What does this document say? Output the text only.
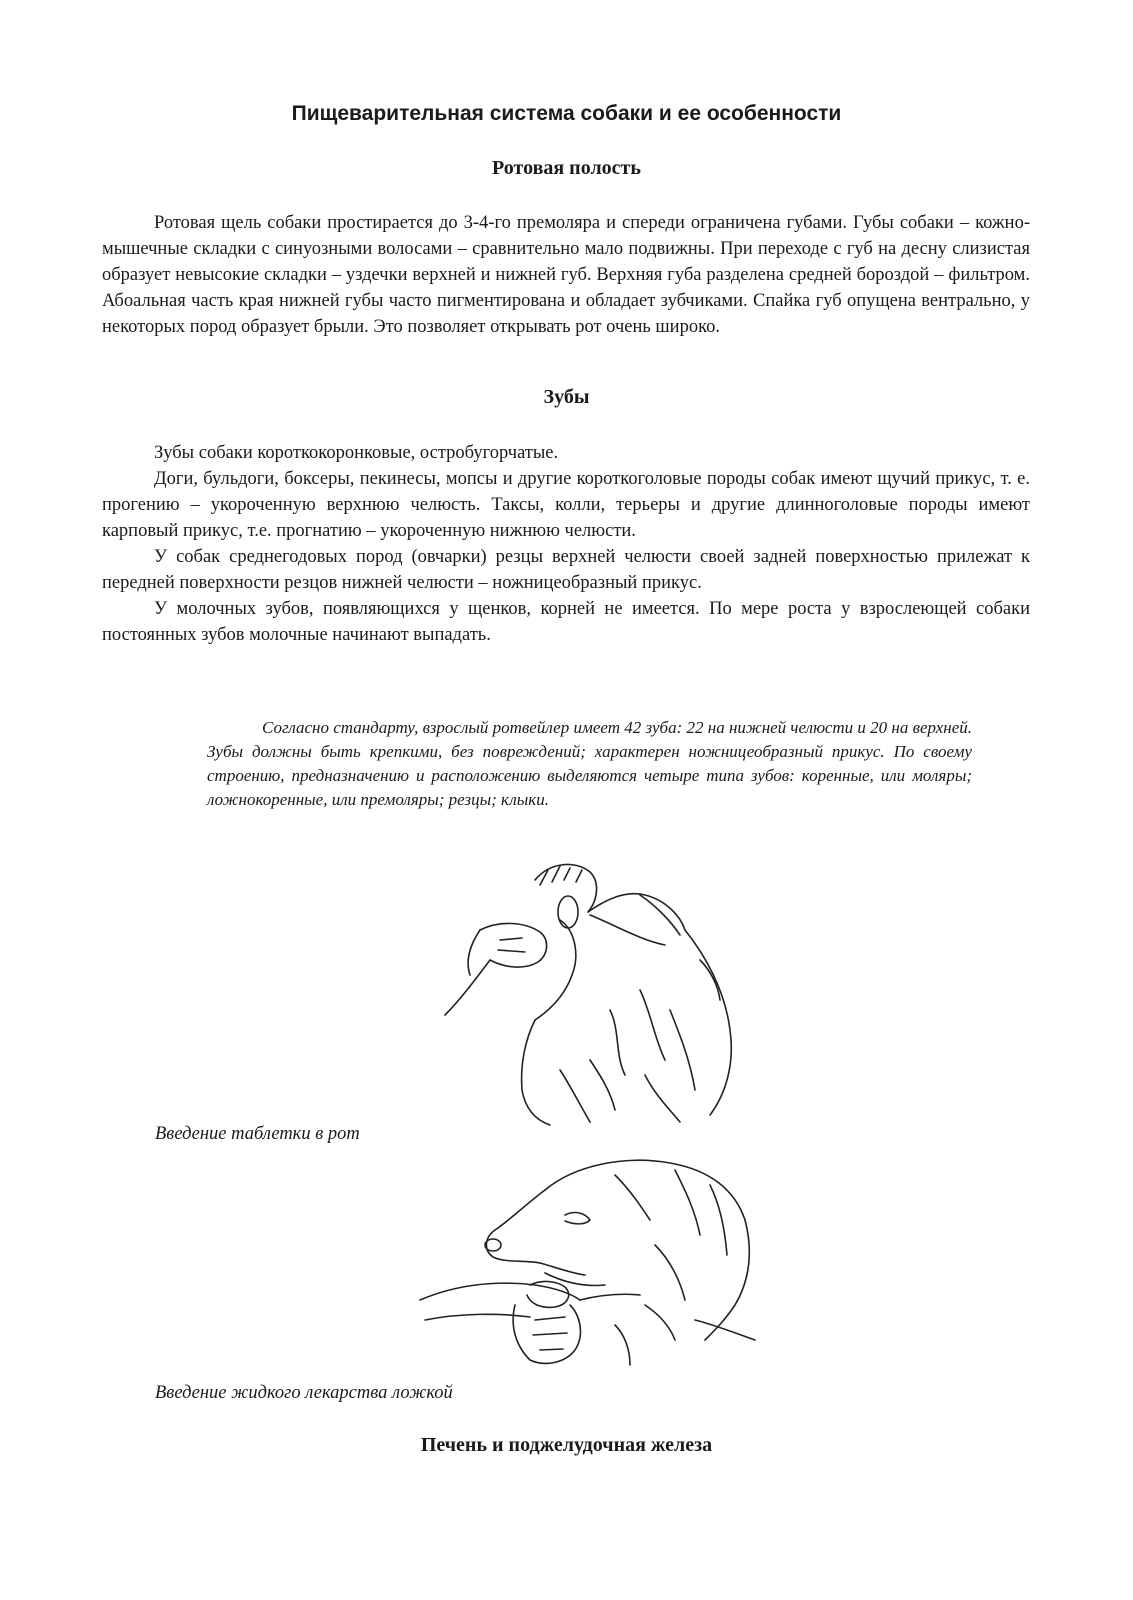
Пищеварительная система собаки и ее особенности
Ротовая полость

Ротовая щель собаки простирается до 3-4-го премоляра и спереди ограничена губами. Губы собаки – кожно-мышечные складки с синуозными волосами – сравнительно мало подвижны. При переходе с губ на десну слизистая образует невысокие складки – уздечки верхней и нижней губ. Верхняя губа разделена средней бороздой – фильтром. Абоальная часть края нижней губы часто пигментирована и обладает зубчиками. Спайка губ опущена вентрально, у некоторых пород образует брыли. Это позволяет открывать рот очень широко.

Зубы

Зубы собаки короткокоронковые, остробугорчатые.

Доги, бульдоги, боксеры, пекинесы, мопсы и другие короткоголовые породы собак имеют щучий прикус, т. е. прогению – укороченную верхнюю челюсть. Таксы, колли, терьеры и другие длинноголовые породы имеют карповый прикус, т.е. прогнатию – укороченную нижнюю челюсти.

У собак среднегодовых пород (овчарки) резцы верхней челюсти своей задней поверхностью прилежат к передней поверхности резцов нижней челюсти – ножницеобразный прикус.

У молочных зубов, появляющихся у щенков, корней не имеется. По мере роста у взрослеющей собаки постоянных зубов молочные начинают выпадать.

Согласно стандарту, взрослый ротвейлер имеет 42 зуба: 22 на нижней челюсти и 20 на верхней. Зубы должны быть крепкими, без повреждений; характерен ножницеобразный прикус. По своему строению, предназначению и расположению выделяются четыре типа зубов: коренные, или моляры; ложнокоренные, или премоляры; резцы; клыки.

Введение таблетки в рот

Введение жидкого лекарства ложкой

Печень и поджелудочная железа
